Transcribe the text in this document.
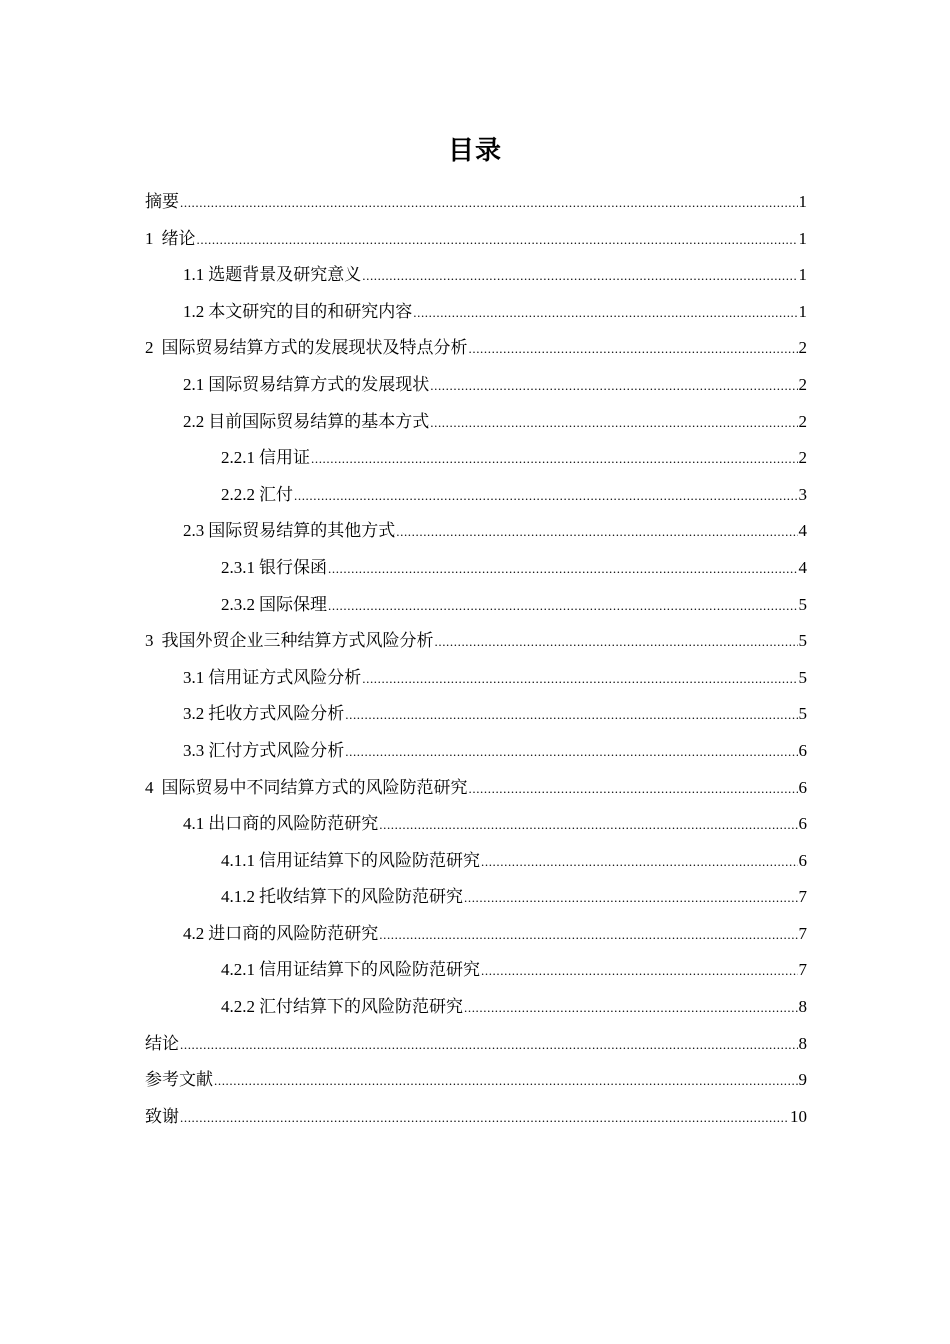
目录
摘要 .....	1
1 绪论 .....	1
1.1 选题背景及研究意义 .....	1
1.2 本文研究的目的和研究内容 .....	1
2 国际贸易结算方式的发展现状及特点分析 .....	2
2.1 国际贸易结算方式的发展现状 .....	2
2.2 目前国际贸易结算的基本方式 .....	2
2.2.1 信用证 .....	2
2.2.2 汇付 .....	3
2.3 国际贸易结算的其他方式 .....	4
2.3.1 银行保函 .....	4
2.3.2 国际保理 .....	5
3 我国外贸企业三种结算方式风险分析 .....	5
3.1 信用证方式风险分析 .....	5
3.2 托收方式风险分析 .....	5
3.3 汇付方式风险分析 .....	6
4 国际贸易中不同结算方式的风险防范研究 .....	6
4.1 出口商的风险防范研究 .....	6
4.1.1 信用证结算下的风险防范研究 .....	6
4.1.2 托收结算下的风险防范研究 .....	7
4.2 进口商的风险防范研究 .....	7
4.2.1 信用证结算下的风险防范研究 .....	7
4.2.2 汇付结算下的风险防范研究 .....	8
结论 .....	8
参考文献 .....	9
致谢 .....	10
